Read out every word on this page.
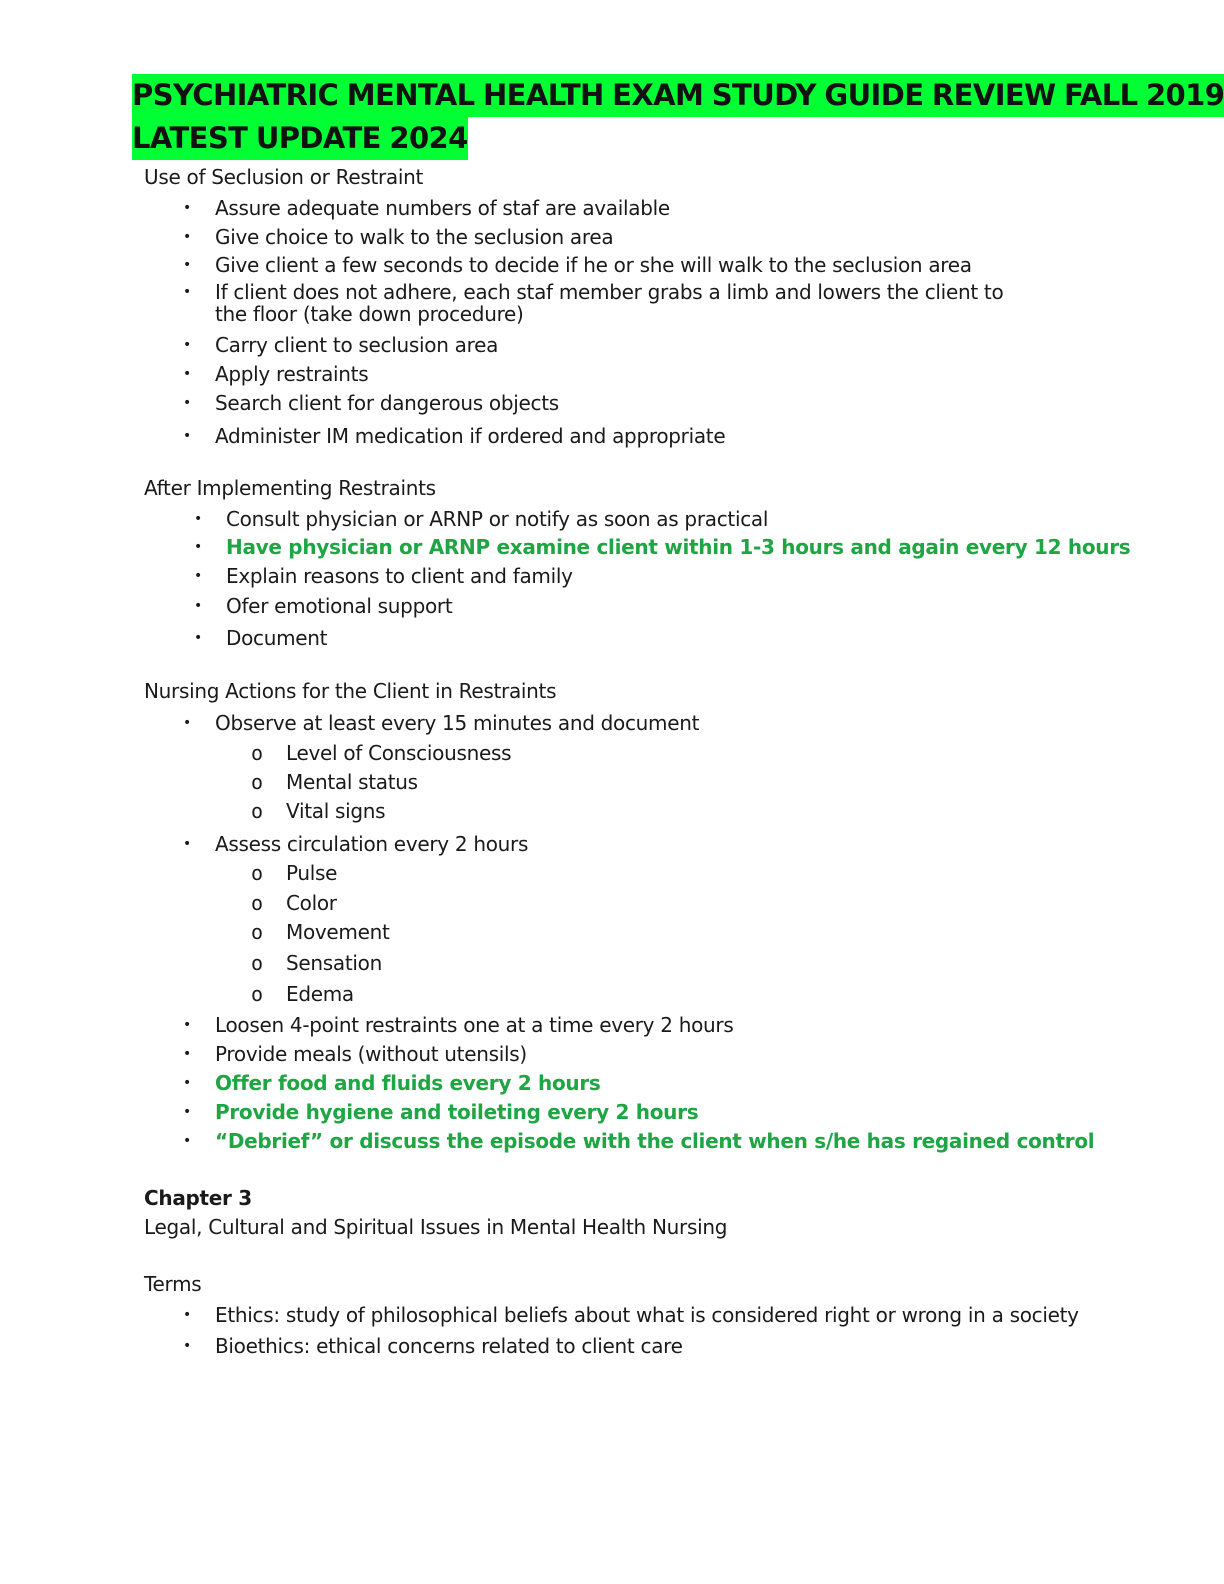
PSYCHIATRIC MENTAL HEALTH EXAM STUDY GUIDE REVIEW FALL 2019
LATEST UPDATE 2024
Use of Seclusion or Restraint
• Assure adequate numbers of staf are available
• Give choice to walk to the seclusion area
• Give client a few seconds to decide if he or she will walk to the seclusion area
• If client does not adhere, each staf member grabs a limb and lowers the client to
the floor (take down procedure)
• Carry client to seclusion area
• Apply restraints
• Search client for dangerous objects
• Administer IM medication if ordered and appropriate
After Implementing Restraints
• Consult physician or ARNP or notify as soon as practical
• Have physician or ARNP examine client within 1-3 hours and again every 12 hours
• Explain reasons to client and family
• Ofer emotional support
• Document
Nursing Actions for the Client in Restraints
• Observe at least every 15 minutes and document
o Level of Consciousness
o Mental status
o Vital signs
• Assess circulation every 2 hours
o Pulse
o Color
o Movement
o Sensation
o Edema
• Loosen 4-point restraints one at a time every 2 hours
• Provide meals (without utensils)
• Offer food and fluids every 2 hours
• Provide hygiene and toileting every 2 hours
• “Debrief” or discuss the episode with the client when s/he has regained control
Chapter 3
Legal, Cultural and Spiritual Issues in Mental Health Nursing
Terms
• Ethics: study of philosophical beliefs about what is considered right or wrong in a society
• Bioethics: ethical concerns related to client care
